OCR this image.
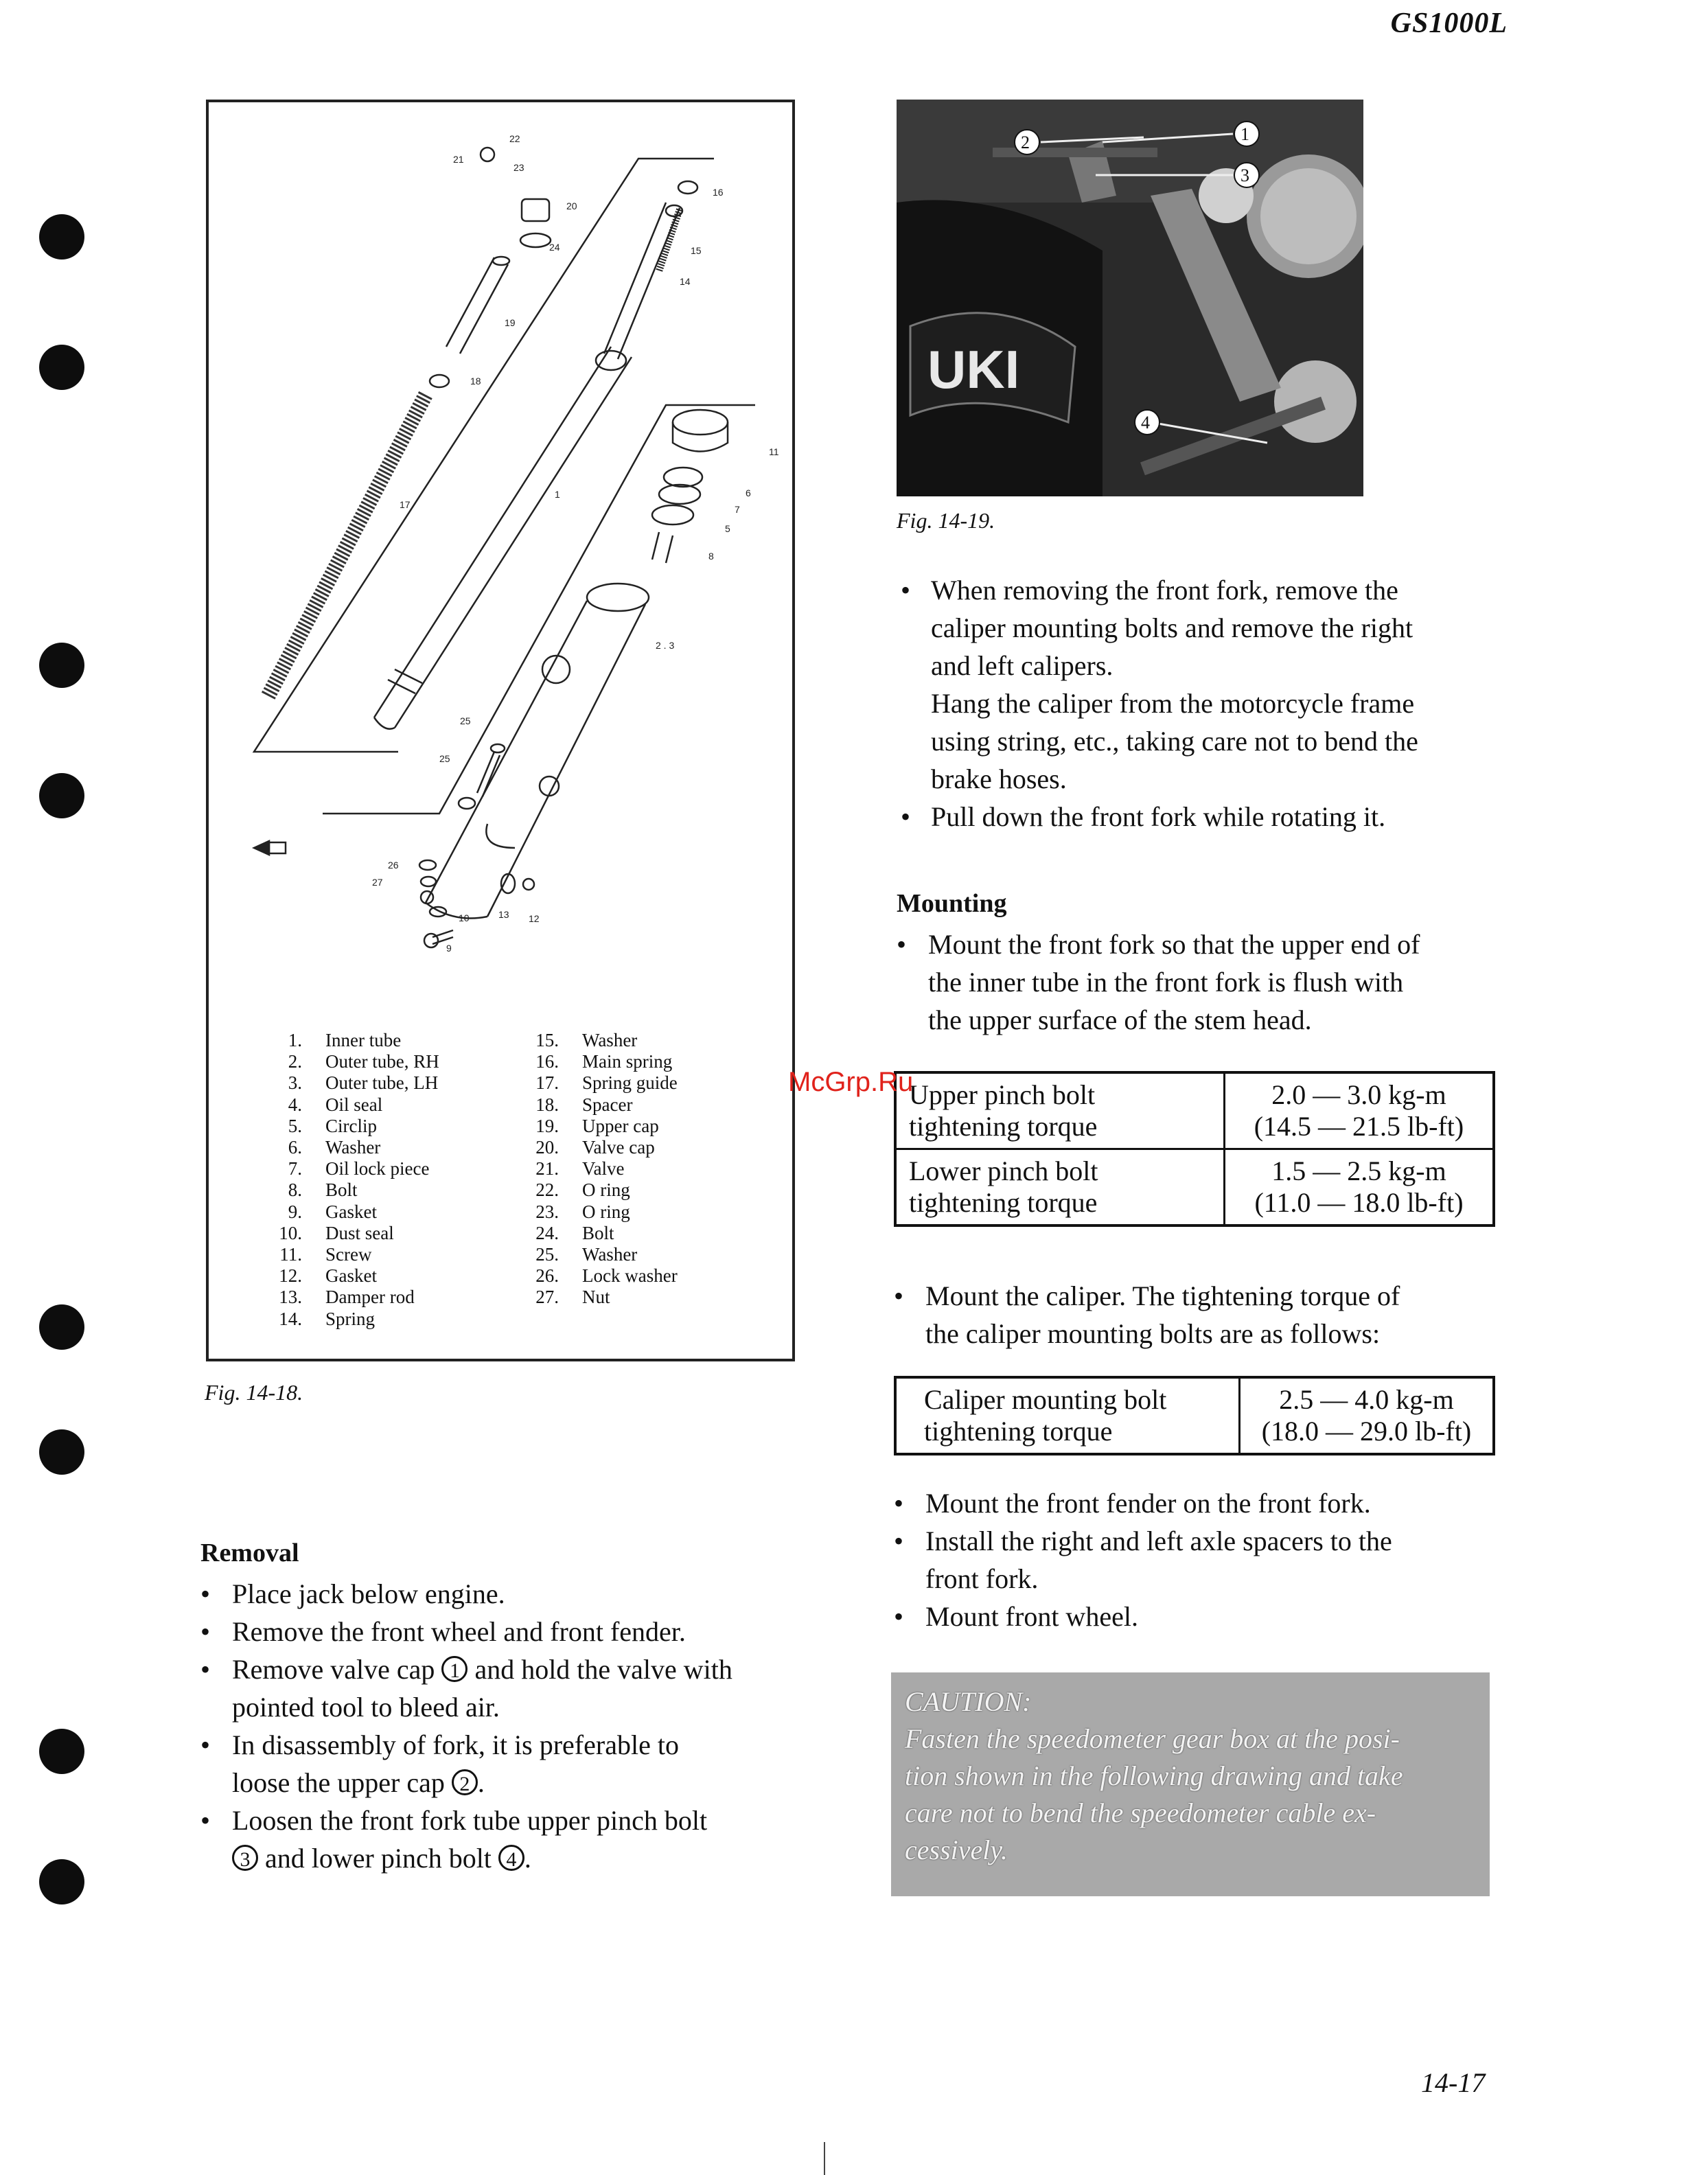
GS1000L
14-17
16
15
14
19
18
17
1
20
24
21
22
23
11
6
7
5
8
2 . 3
25
25
26
27
10	13 12
9
1. Inner tube
2. Outer tube, RH
3. Outer tube, LH
4. Oil seal
5. Circlip
6. Washer
7. Oil lock piece
8. Bolt
9. Gasket
10. Dust seal
11. Screw
12. Gasket
13. Damper rod
14. Spring
15. Washer
16. Main spring
17. Spring guide
18. Spacer
19. Upper cap
20. Valve cap
21. Valve
22. O ring
23. O ring
24. Bolt
25. Washer
26. Lock washer
27. Nut
Fig. 14-18.
Removal
• Place jack below engine.
• Remove the front wheel and front fender.
• Remove valve cap 1 and hold the valve with
pointed tool to bleed air.
• In disassembly of fork, it is preferable to
loose the upper cap 2 .
• Loosen the front fork tube upper pinch bolt
3 and lower pinch bolt 4 .
UKI
2	1
3
4
Fig. 14-19.
• When removing the front fork, remove the
caliper mounting bolts and remove the right
and left calipers.
Hang the caliper from the motorcycle frame
using string, etc., taking care not to bend the
brake hoses.
• Pull down the front fork while rotating it.
Mounting
• Mount the front fork so that the upper end of
the inner tube in the front fork is flush with
the upper surface of the stem head.
Upper pinch bolt
tightening torque	2.0 — 3.0 kg-m
(14.5 — 21.5 lb-ft)
Lower pinch bolt
tightening torque	1.5 — 2.5 kg-m
(11.0 — 18.0 lb-ft)
• Mount the caliper. The tightening torque of
the caliper mounting bolts are as follows:
Caliper mounting bolt
tightening torque	2.5 — 4.0 kg-m
(18.0 — 29.0 lb-ft)
• Mount the front fender on the front fork.
• Install the right and left axle spacers to the
front fork.
• Mount front wheel.
CAUTION:
Fasten the speedometer gear box at the posi-
tion shown in the following drawing and take
care not to bend the speedometer cable ex-
cessively.
McGrp.Ru
